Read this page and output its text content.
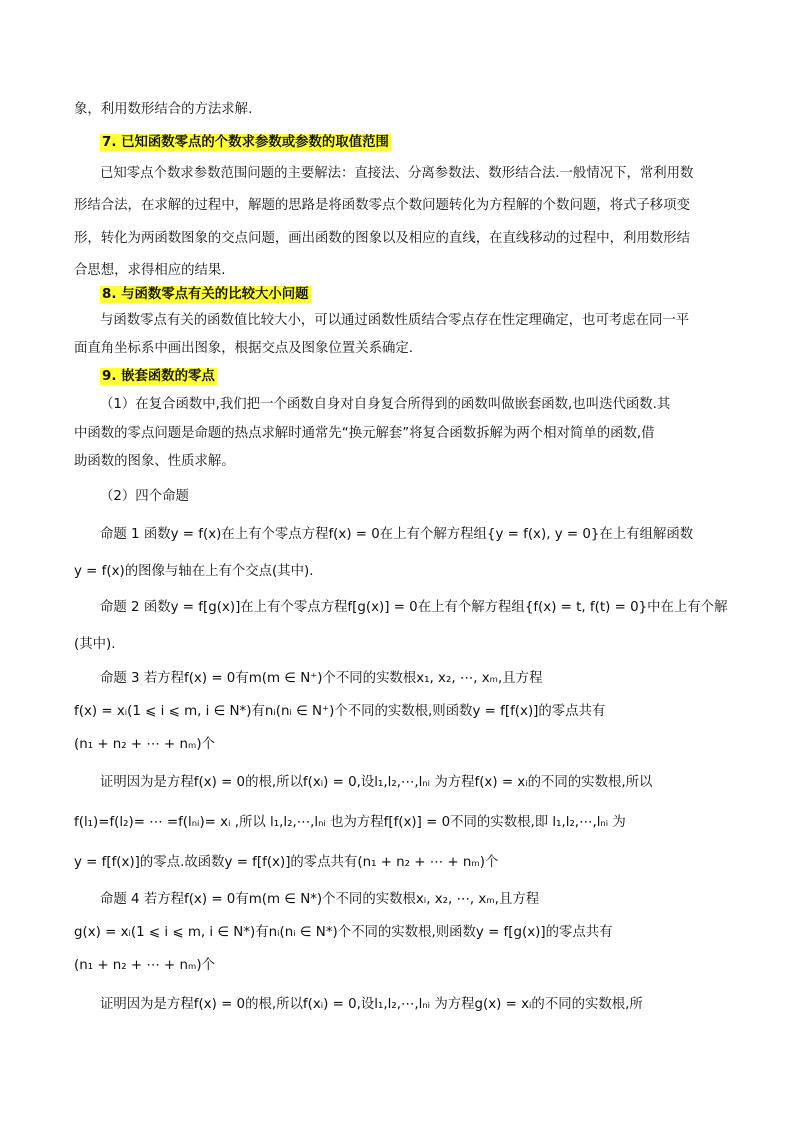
象，利用数形结合的方法求解.
7. 已知函数零点的个数求参数或参数的取值范围
已知零点个数求参数范围问题的主要解法：直接法、分离参数法、数形结合法.一般情况下，常利用数
形结合法，在求解的过程中，解题的思路是将函数零点个数问题转化为方程解的个数问题，将式子移项变
形，转化为两函数图象的交点问题，画出函数的图象以及相应的直线，在直线移动的过程中，利用数形结
合思想，求得相应的结果.
8. 与函数零点有关的比较大小问题
与函数零点有关的函数值比较大小，可以通过函数性质结合零点存在性定理确定，也可考虑在同一平
面直角坐标系中画出图象，根据交点及图象位置关系确定.
9. 嵌套函数的零点
（1）在复合函数中,我们把一个函数自身对自身复合所得到的函数叫做嵌套函数,也叫迭代函数.其
中函数的零点问题是命题的热点求解时通常先“换元解套”将复合函数拆解为两个相对简单的函数,借
助函数的图象、性质求解。
（2）四个命题
命题 1 函数y = f(x)在上有个零点方程f(x) = 0在上有个解方程组{y = f(x), y = 0}在上有组解函数
y = f(x)的图像与轴在上有个交点(其中).
命题 2 函数y = f[g(x)]在上有个零点方程f[g(x)] = 0在上有个解方程组{f(x) = t, f(t) = 0}中在上有个解
(其中).
命题 3 若方程f(x) = 0有m(m ∈ N⁺)个不同的实数根x₁, x₂, ⋯, xₘ,且方程
f(x) = xᵢ(1 ⩽ i ⩽ m, i ∈ N*)有nᵢ(nᵢ ∈ N⁺)个不同的实数根,则函数y = f[f(x)]的零点共有
(n₁ + n₂ + ⋯ + nₘ)个
证明因为是方程f(x) = 0的根,所以f(xᵢ) = 0,设l₁,l₂,⋯,lₙᵢ 为方程f(x) = xᵢ的不同的实数根,所以
f(l₁)=f(l₂)= ⋯ =f(lₙᵢ)= xᵢ ,所以 l₁,l₂,⋯,lₙᵢ 也为方程f[f(x)] = 0不同的实数根,即 l₁,l₂,⋯,lₙᵢ 为
y = f[f(x)]的零点.故函数y = f[f(x)]的零点共有(n₁ + n₂ + ⋯ + nₘ)个
命题 4 若方程f(x) = 0有m(m ∈ N*)个不同的实数根xᵢ, x₂, ⋯, xₘ,且方程
g(x) = xᵢ(1 ⩽ i ⩽ m, i ∈ N*)有nᵢ(nᵢ ∈ N*)个不同的实数根,则函数y = f[g(x)]的零点共有
(n₁ + n₂ + ⋯ + nₘ)个
证明因为是方程f(x) = 0的根,所以f(xᵢ) = 0,设l₁,l₂,⋯,lₙᵢ 为方程g(x) = xᵢ的不同的实数根,所
